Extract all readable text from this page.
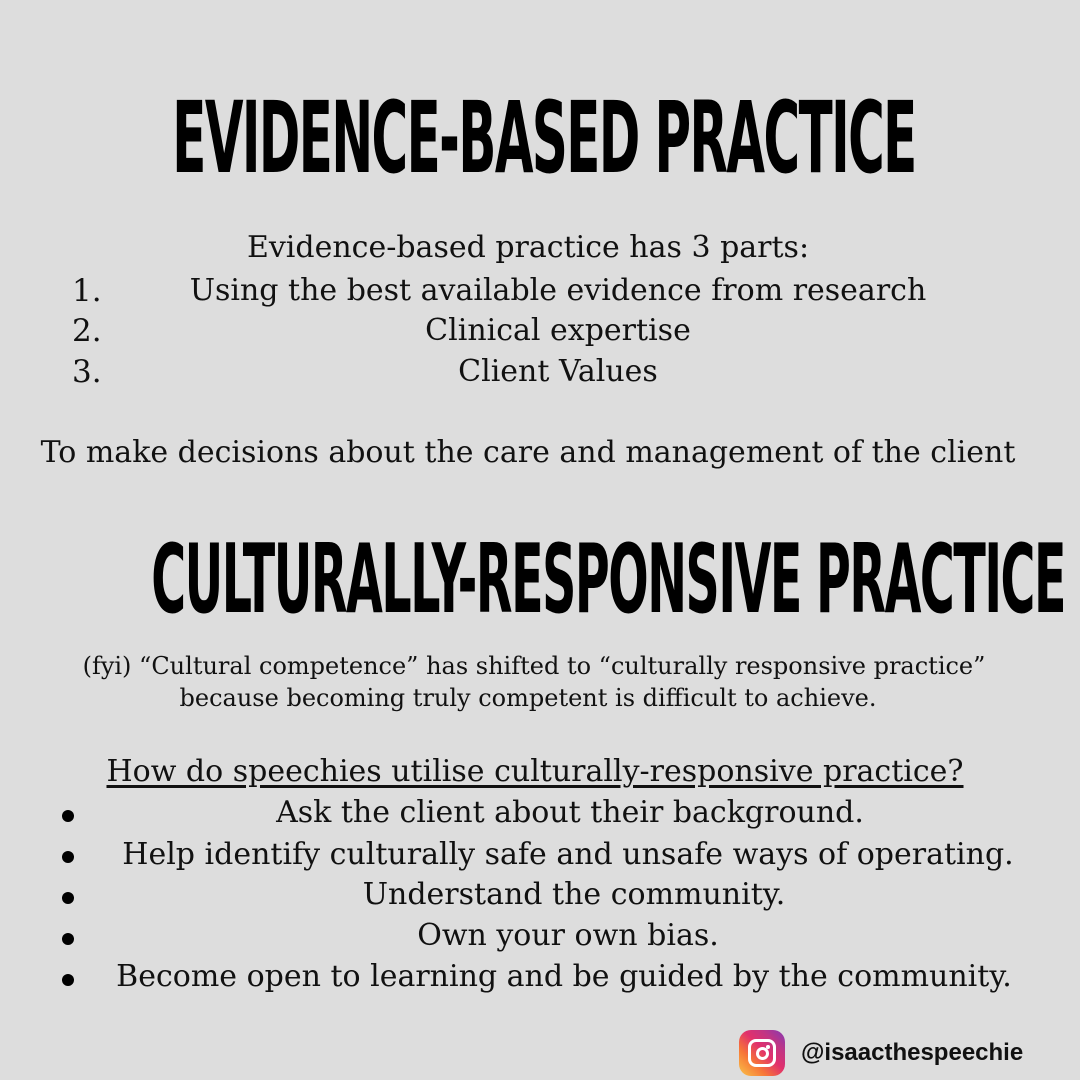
EVIDENCE-BASED PRACTICE
Evidence-based practice has 3 parts:
1.	Using the best available evidence from research
2.	Clinical expertise
3.	Client Values
To make decisions about the care and management of the client
CULTURALLY-RESPONSIVE PRACTICE
(fyi) “Cultural competence” has shifted to “culturally responsive practice”
because becoming truly competent is difficult to achieve.
How do speechies utilise culturally-responsive practice?
Ask the client about their background.
Help identify culturally safe and unsafe ways of operating.
Understand the community.
Own your own bias.
Become open to learning and be guided by the community.
@isaacthespeechie
